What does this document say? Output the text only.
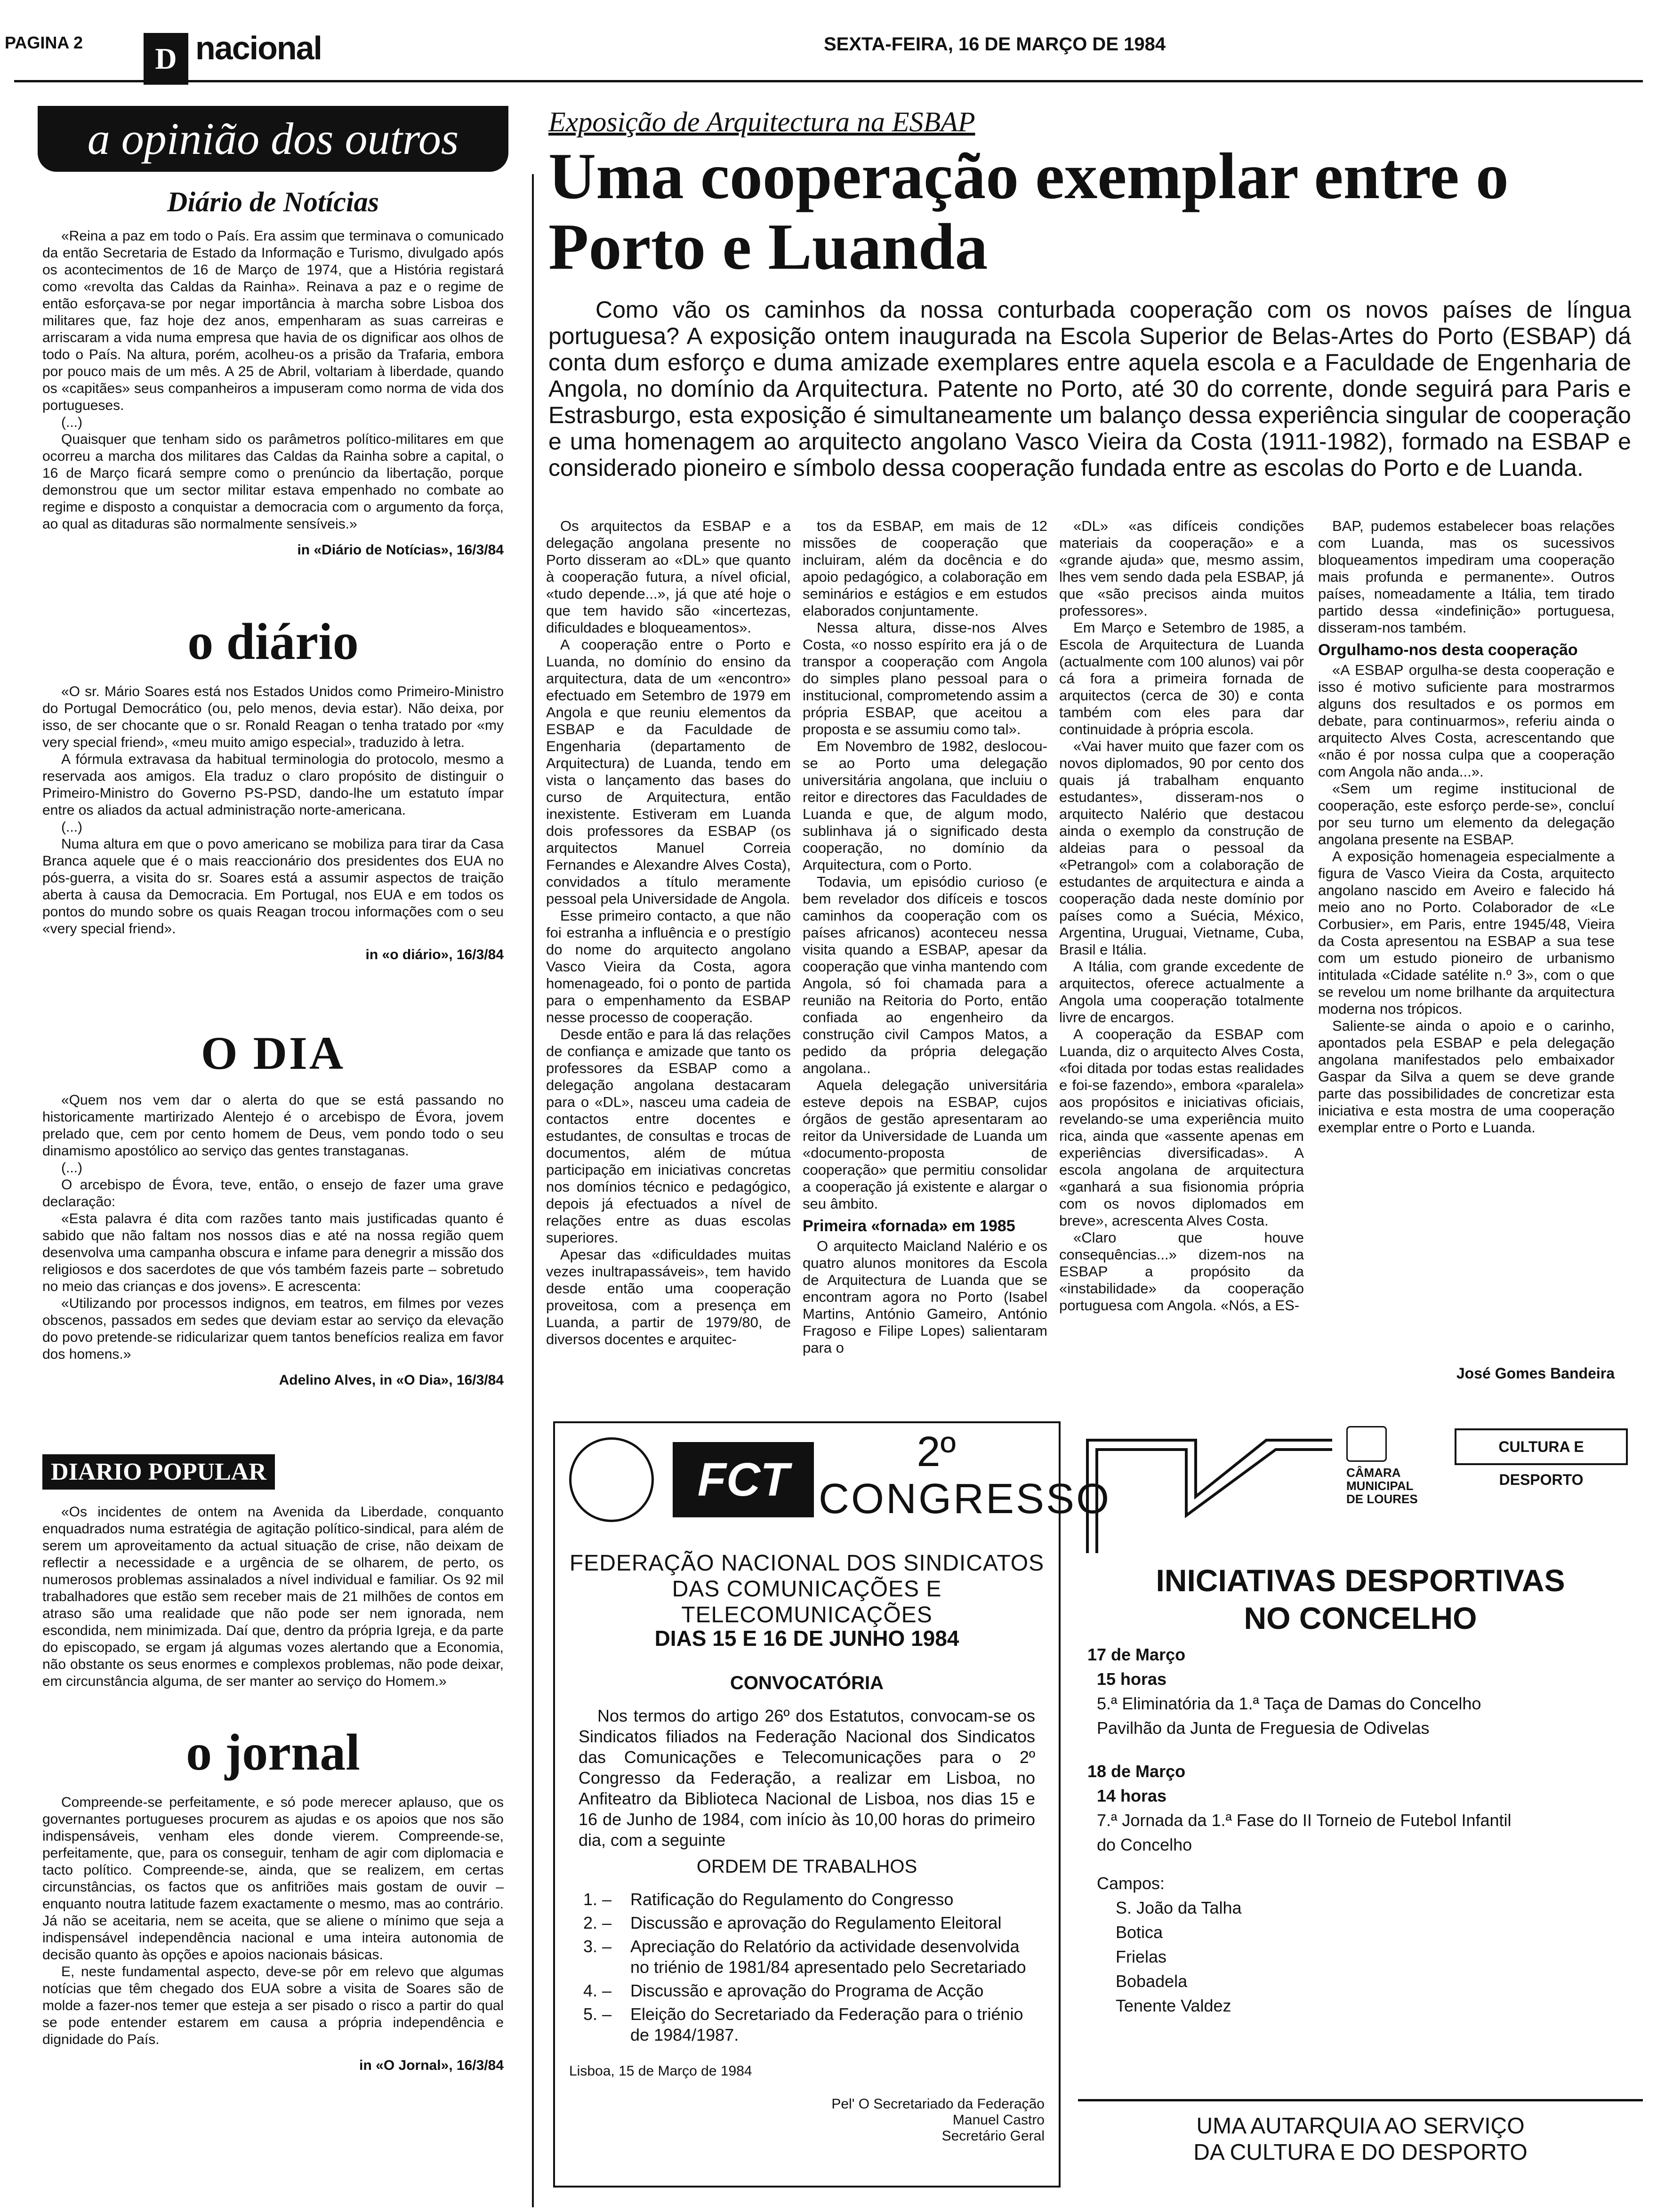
PAGINA 2	D nacional	SEXTA-FEIRA, 16 DE MARÇO DE 1984
a opinião dos outros
Diário de Notícias
«Reina a paz em todo o País. Era assim que terminava o comunicado da então Secretaria de Estado da Informação e Turismo, divulgado após os acontecimentos de 16 de Março de 1974, que a História registará como «revolta das Caldas da Rainha». Reinava a paz e o regime de então esforçava-se por negar importância à marcha sobre Lisboa dos militares que, faz hoje dez anos, empenharam as suas carreiras e arriscaram a vida numa empresa que havia de os dignificar aos olhos de todo o País. Na altura, porém, acolheu-os a prisão da Trafaria, embora por pouco mais de um mês. A 25 de Abril, voltariam à liberdade, quando os «capitães» seus companheiros a impuseram como norma de vida dos portugueses.
(...)
Quaisquer que tenham sido os parâmetros político-militares em que ocorreu a marcha dos militares das Caldas da Rainha sobre a capital, o 16 de Março ficará sempre como o prenúncio da libertação, porque demonstrou que um sector militar estava empenhado no combate ao regime e disposto a conquistar a democracia com o argumento da força, ao qual as ditaduras são normalmente sensíveis.»
in «Diário de Notícias», 16/3/84
o diário
«O sr. Mário Soares está nos Estados Unidos como Primeiro-Ministro do Portugal Democrático (ou, pelo menos, devia estar). Não deixa, por isso, de ser chocante que o sr. Ronald Reagan o tenha tratado por «my very special friend», «meu muito amigo especial», traduzido à letra.
A fórmula extravasa da habitual terminologia do protocolo, mesmo a reservada aos amigos. Ela traduz o claro propósito de distinguir o Primeiro-Ministro do Governo PS-PSD, dando-lhe um estatuto ímpar entre os aliados da actual administração norte-americana.
(...)
Numa altura em que o povo americano se mobiliza para tirar da Casa Branca aquele que é o mais reaccionário dos presidentes dos EUA no pós-guerra, a visita do sr. Soares está a assumir aspectos de traição aberta à causa da Democracia. Em Portugal, nos EUA e em todos os pontos do mundo sobre os quais Reagan trocou informações com o seu «very special friend».
in «o diário», 16/3/84
O DIA
«Quem nos vem dar o alerta do que se está passando no historicamente martirizado Alentejo é o arcebispo de Évora, jovem prelado que, cem por cento homem de Deus, vem pondo todo o seu dinamismo apostólico ao serviço das gentes transtaganas.
(...)
O arcebispo de Évora, teve, então, o ensejo de fazer uma grave declaração:
«Esta palavra é dita com razões tanto mais justificadas quanto é sabido que não faltam nos nossos dias e até na nossa região quem desenvolva uma campanha obscura e infame para denegrir a missão dos religiosos e dos sacerdotes de que vós também fazeis parte – sobretudo no meio das crianças e dos jovens». E acrescenta:
«Utilizando por processos indignos, em teatros, em filmes por vezes obscenos, passados em sedes que deviam estar ao serviço da elevação do povo pretende-se ridicularizar quem tantos benefícios realiza em favor dos homens.»
Adelino Alves, in «O Dia», 16/3/84
DIARIO POPULAR
«Os incidentes de ontem na Avenida da Liberdade, conquanto enquadrados numa estratégia de agitação político-sindical, para além de serem um aproveitamento da actual situação de crise, não deixam de reflectir a necessidade e a urgência de se olharem, de perto, os numerosos problemas assinalados a nível individual e familiar. Os 92 mil trabalhadores que estão sem receber mais de 21 milhões de contos em atraso são uma realidade que não pode ser nem ignorada, nem escondida, nem minimizada. Daí que, dentro da própria Igreja, e da parte do episcopado, se ergam já algumas vozes alertando que a Economia, não obstante os seus enormes e complexos problemas, não pode deixar, em circunstância alguma, de ser manter ao serviço do Homem.»
o jornal
Compreende-se perfeitamente, e só pode merecer aplauso, que os governantes portugueses procurem as ajudas e os apoios que nos são indispensáveis, venham eles donde vierem. Compreende-se, perfeitamente, que, para os conseguir, tenham de agir com diplomacia e tacto político. Compreende-se, ainda, que se realizem, em certas circunstâncias, os factos que os anfitriões mais gostam de ouvir – enquanto noutra latitude fazem exactamente o mesmo, mas ao contrário. Já não se aceitaria, nem se aceita, que se aliene o mínimo que seja a indispensável independência nacional e uma inteira autonomia de decisão quanto às opções e apoios nacionais básicas.
E, neste fundamental aspecto, deve-se pôr em relevo que algumas notícias que têm chegado dos EUA sobre a visita de Soares são de molde a fazer-nos temer que esteja a ser pisado o risco a partir do qual se pode entender estarem em causa a própria independência e dignidade do País.
in «O Jornal», 16/3/84
Exposição de Arquitectura na ESBAP
Uma cooperação exemplar entre o Porto e Luanda
Como vão os caminhos da nossa conturbada cooperação com os novos países de língua portuguesa? A exposição ontem inaugurada na Escola Superior de Belas-Artes do Porto (ESBAP) dá conta dum esforço e duma amizade exemplares entre aquela escola e a Faculdade de Engenharia de Angola, no domínio da Arquitectura. Patente no Porto, até 30 do corrente, donde seguirá para Paris e Estrasburgo, esta exposição é simultaneamente um balanço dessa experiência singular de cooperação e uma homenagem ao arquitecto angolano Vasco Vieira da Costa (1911-1982), formado na ESBAP e considerado pioneiro e símbolo dessa cooperação fundada entre as escolas do Porto e de Luanda.
Os arquitectos da ESBAP e a delegação angolana presente no Porto disseram ao «DL» que quanto à cooperação futura, a nível oficial, «tudo depende...», já que até hoje o que tem havido são «incertezas, dificuldades e bloqueamentos».
A cooperação entre o Porto e Luanda, no domínio do ensino da arquitectura, data de um «encontro» efectuado em Setembro de 1979 em Angola e que reuniu elementos da ESBAP e da Faculdade de Engenharia (departamento de Arquitectura) de Luanda, tendo em vista o lançamento das bases do curso de Arquitectura, então inexistente. Estiveram em Luanda dois professores da ESBAP (os arquitectos Manuel Correia Fernandes e Alexandre Alves Costa), convidados a título meramente pessoal pela Universidade de Angola.
Esse primeiro contacto, a que não foi estranha a influência e o prestígio do nome do arquitecto angolano Vasco Vieira da Costa, agora homenageado, foi o ponto de partida para o empenhamento da ESBAP nesse processo de cooperação.
Desde então e para lá das relações de confiança e amizade que tanto os professores da ESBAP como a delegação angolana destacaram para o «DL», nasceu uma cadeia de contactos entre docentes e estudantes, de consultas e trocas de documentos, além de mútua participação em iniciativas concretas nos domínios técnico e pedagógico, depois já efectuados a nível de relações entre as duas escolas superiores.
Apesar das «dificuldades muitas vezes inultrapassáveis», tem havido desde então uma cooperação proveitosa, com a presença em Luanda, a partir de 1979/80, de diversos docentes e arquitec-
tos da ESBAP, em mais de 12 missões de cooperação que incluiram, além da docência e do apoio pedagógico, a colaboração em seminários e estágios e em estudos elaborados conjuntamente.
Nessa altura, disse-nos Alves Costa, «o nosso espírito era já o de transpor a cooperação com Angola do simples plano pessoal para o institucional, comprometendo assim a própria ESBAP, que aceitou a proposta e se assumiu como tal».
Em Novembro de 1982, deslocou-se ao Porto uma delegação universitária angolana, que incluiu o reitor e directores das Faculdades de Luanda e que, de algum modo, sublinhava já o significado desta cooperação, no domínio da Arquitectura, com o Porto.
Todavia, um episódio curioso (e bem revelador dos difíceis e toscos caminhos da cooperação com os países africanos) aconteceu nessa visita quando a ESBAP, apesar da cooperação que vinha mantendo com Angola, só foi chamada para a reunião na Reitoria do Porto, então confiada ao engenheiro da construção civil Campos Matos, a pedido da própria delegação angolana..
Aquela delegação universitária esteve depois na ESBAP, cujos órgãos de gestão apresentaram ao reitor da Universidade de Luanda um «documento-proposta de cooperação» que permitiu consolidar a cooperação já existente e alargar o seu âmbito.
Primeira «fornada» em 1985
O arquitecto Maicland Nalério e os quatro alunos monitores da Escola de Arquitectura de Luanda que se encontram agora no Porto (Isabel Martins, António Gameiro, António Fragoso e Filipe Lopes) salientaram para o
«DL» «as difíceis condições materiais da cooperação» e a «grande ajuda» que, mesmo assim, lhes vem sendo dada pela ESBAP, já que «são precisos ainda muitos professores».
Em Março e Setembro de 1985, a Escola de Arquitectura de Luanda (actualmente com 100 alunos) vai pôr cá fora a primeira fornada de arquitectos (cerca de 30) e conta também com eles para dar continuidade à própria escola.
«Vai haver muito que fazer com os novos diplomados, 90 por cento dos quais já trabalham enquanto estudantes», disseram-nos o arquitecto Nalério que destacou ainda o exemplo da construção de aldeias para o pessoal da «Petrangol» com a colaboração de estudantes de arquitectura e ainda a cooperação dada neste domínio por países como a Suécia, México, Argentina, Uruguai, Vietname, Cuba, Brasil e Itália.
A Itália, com grande excedente de arquitectos, oferece actualmente a Angola uma cooperação totalmente livre de encargos.
A cooperação da ESBAP com Luanda, diz o arquitecto Alves Costa, «foi ditada por todas estas realidades e foi-se fazendo», embora «paralela» aos propósitos e iniciativas oficiais, revelando-se uma experiência muito rica, ainda que «assente apenas em experiências diversificadas». A escola angolana de arquitectura «ganhará a sua fisionomia própria com os novos diplomados em breve», acrescenta Alves Costa.
«Claro que houve consequências...» dizem-nos na ESBAP a propósito da «instabilidade» da cooperação portuguesa com Angola. «Nós, a ES-
BAP, pudemos estabelecer boas relações com Luanda, mas os sucessivos bloqueamentos impediram uma cooperação mais profunda e permanente». Outros países, nomeadamente a Itália, tem tirado partido dessa «indefinição» portuguesa, disseram-nos também.
Orgulhamo-nos desta cooperação
«A ESBAP orgulha-se desta cooperação e isso é motivo suficiente para mostrarmos alguns dos resultados e os pormos em debate, para continuarmos», referiu ainda o arquitecto Alves Costa, acrescentando que «não é por nossa culpa que a cooperação com Angola não anda...».
«Sem um regime institucional de cooperação, este esforço perde-se», concluí por seu turno um elemento da delegação angolana presente na ESBAP.
A exposição homenageia especialmente a figura de Vasco Vieira da Costa, arquitecto angolano nascido em Aveiro e falecido há meio ano no Porto. Colaborador de «Le Corbusier», em Paris, entre 1945/48, Vieira da Costa apresentou na ESBAP a sua tese com um estudo pioneiro de urbanismo intitulada «Cidade satélite n.º 3», com o que se revelou um nome brilhante da arquitectura moderna nos trópicos.
Saliente-se ainda o apoio e o carinho, apontados pela ESBAP e pela delegação angolana manifestados pelo embaixador Gaspar da Silva a quem se deve grande parte das possibilidades de concretizar esta iniciativa e esta mostra de uma cooperação exemplar entre o Porto e Luanda.
José Gomes Bandeira
FCT
2º
CONGRESSO
FEDERAÇÃO NACIONAL DOS SINDICATOS
DAS COMUNICAÇÕES E TELECOMUNICAÇÕES
DIAS 15 E 16 DE JUNHO 1984
CONVOCATÓRIA
Nos termos do artigo 26º dos Estatutos, convocam-se os Sindicatos filiados na Federação Nacional dos Sindicatos das Comunicações e Telecomunicações para o 2º Congresso da Federação, a realizar em Lisboa, no Anfiteatro da Biblioteca Nacional de Lisboa, nos dias 15 e 16 de Junho de 1984, com início às 10,00 horas do primeiro dia, com a seguinte
ORDEM DE TRABALHOS
1. –	Ratificação do Regulamento do Congresso
2. –	Discussão e aprovação do Regulamento Eleitoral
3. –	Apreciação do Relatório da actividade desenvolvida no triénio de 1981/84 apresentado pelo Secretariado
4. –	Discussão e aprovação do Programa de Acção
5. –	Eleição do Secretariado da Federação para o triénio de 1984/1987.
Lisboa, 15 de Março de 1984
Pel' O Secretariado da Federação
Manuel Castro
Secretário Geral
CÂMARA
MUNICIPAL
DE LOURES
CULTURA E DESPORTO
INICIATIVAS DESPORTIVAS
NO CONCELHO
17 de Março
15 horas
5.ª Eliminatória da 1.ª Taça de Damas do Concelho
Pavilhão da Junta de Freguesia de Odivelas
18 de Março
14 horas
7.ª Jornada da 1.ª Fase do II Torneio de Futebol Infantil
do Concelho
Campos:
S. João da Talha
Botica
Frielas
Bobadela
Tenente Valdez
UMA AUTARQUIA AO SERVIÇO
DA CULTURA E DO DESPORTO
